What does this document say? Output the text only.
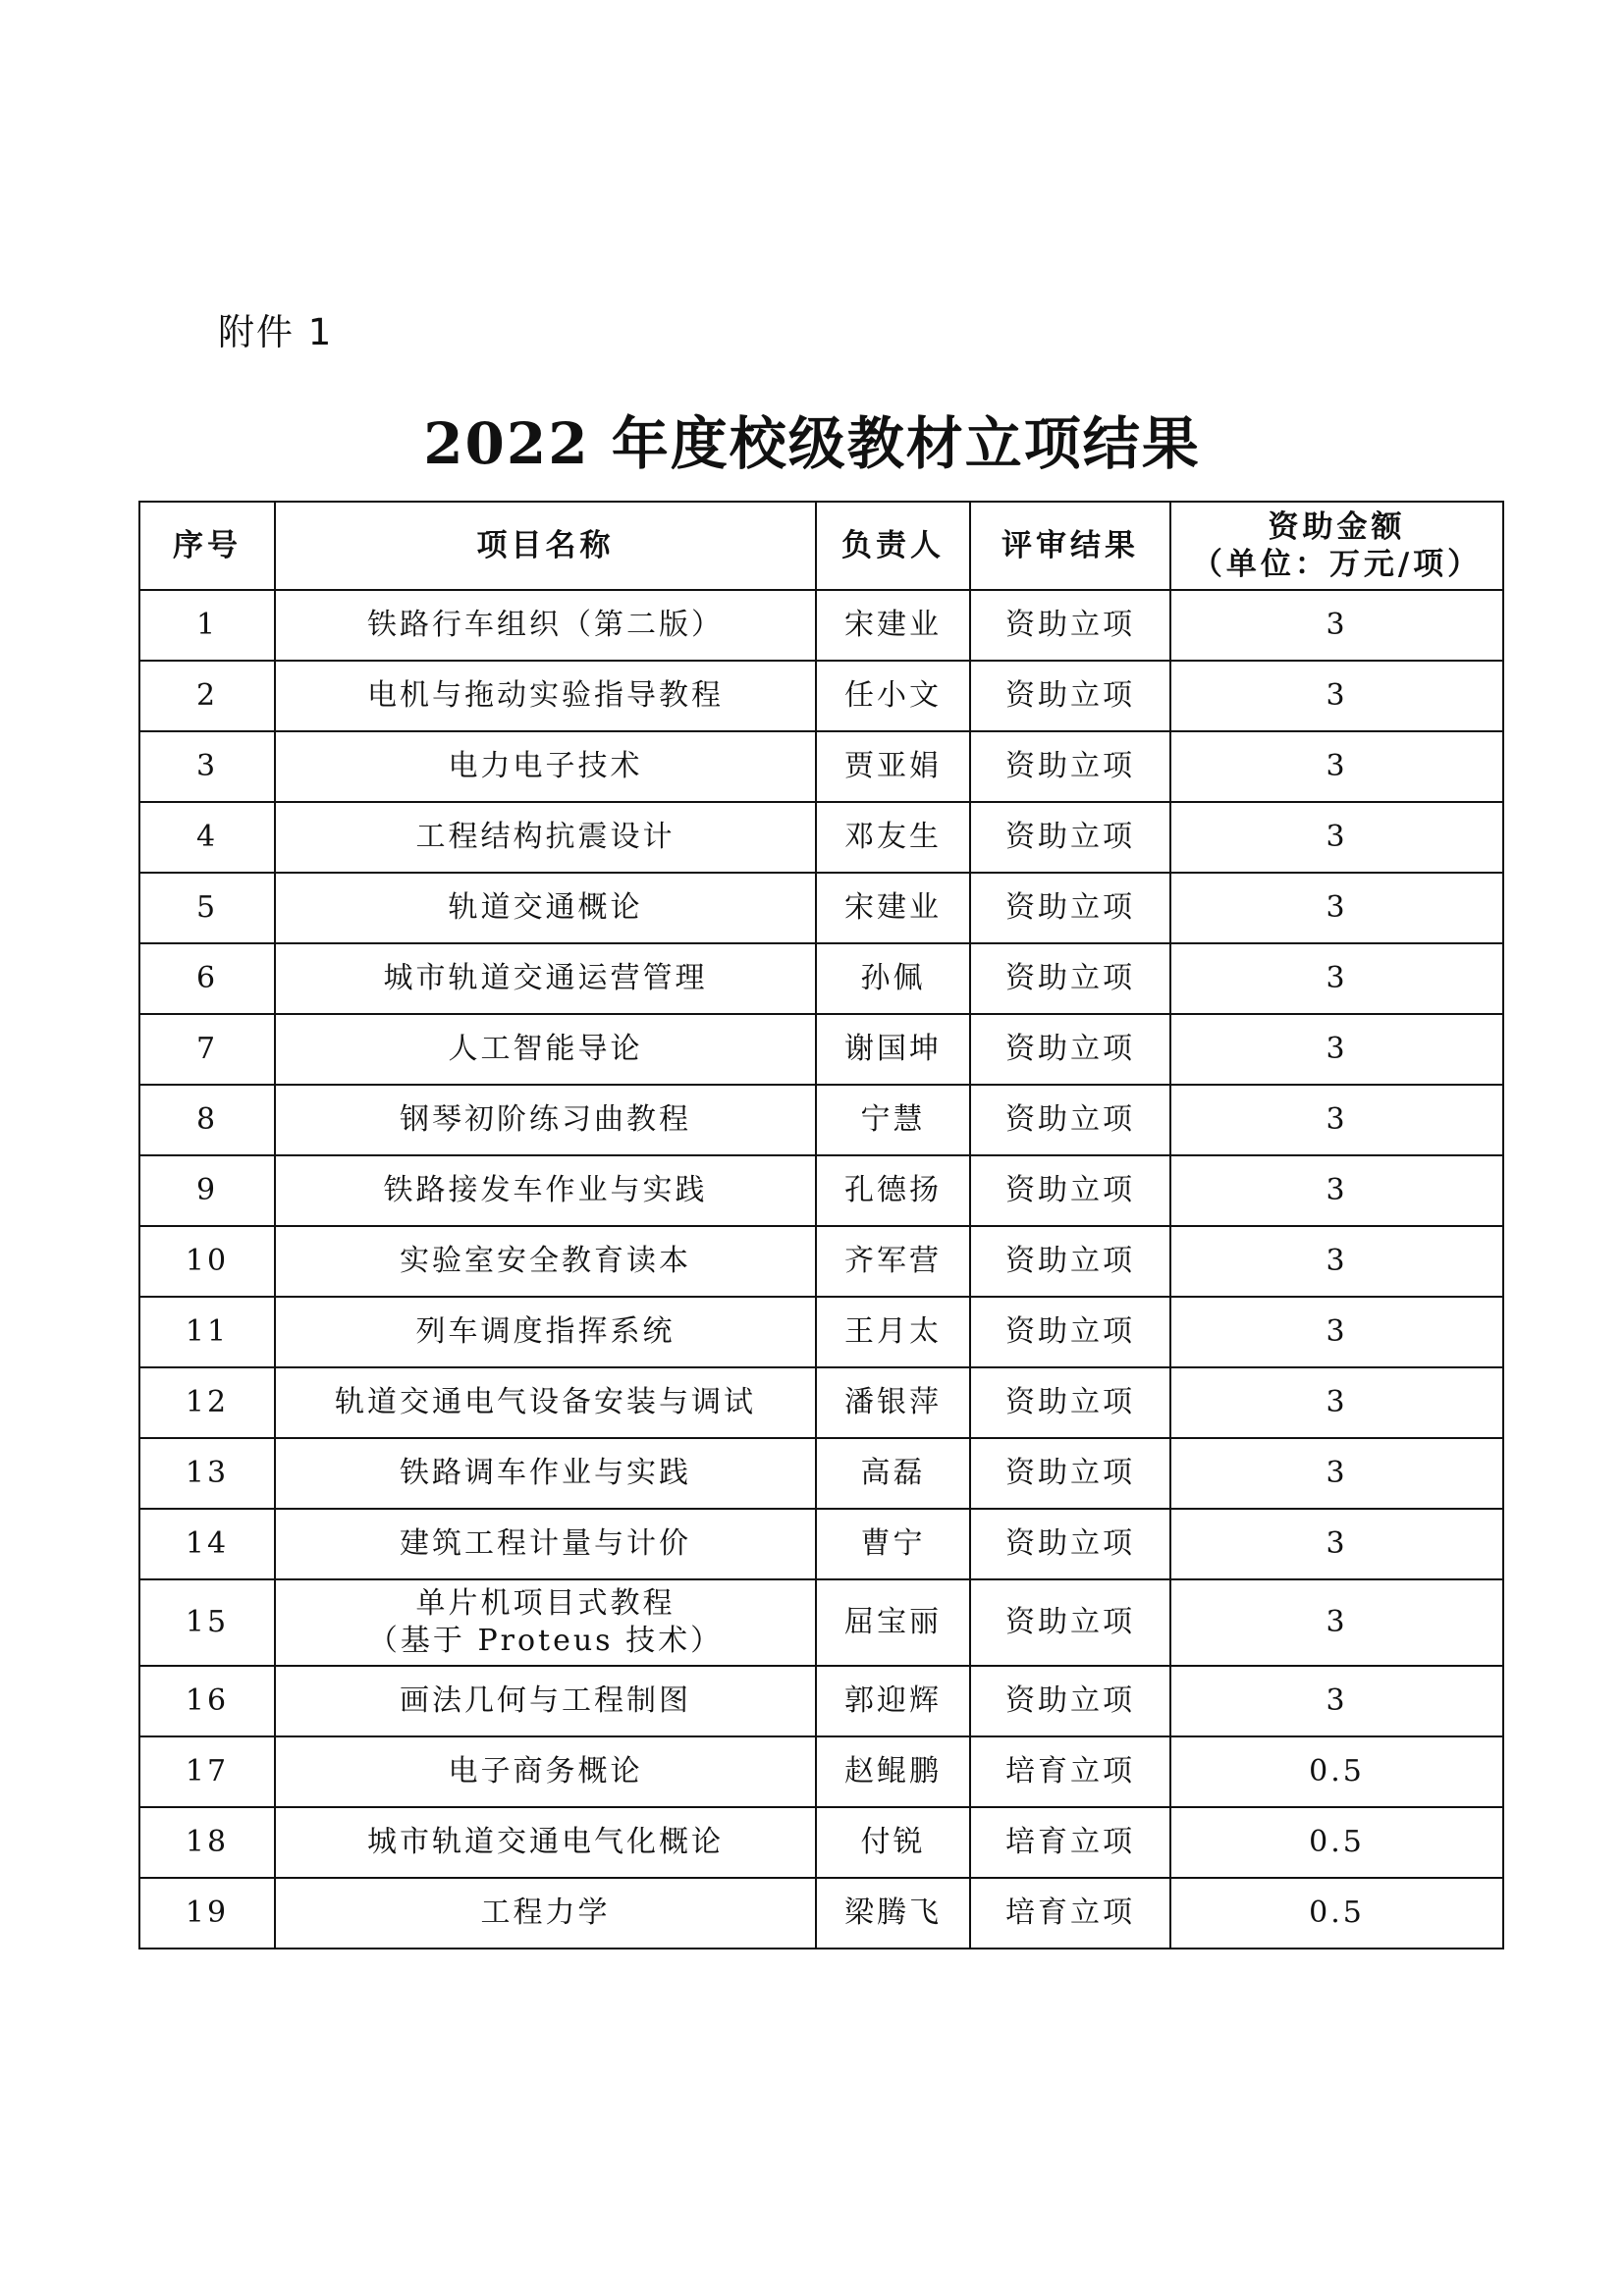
附件 1
2022 年度校级教材立项结果
序号	项目名称	负责人	评审结果	资助金额
（单位：万元/项）

1	铁路行车组织（第二版）	宋建业	资助立项	3
2	电机与拖动实验指导教程	任小文	资助立项	3
3	电力电子技术	贾亚娟	资助立项	3
4	工程结构抗震设计	邓友生	资助立项	3
5	轨道交通概论	宋建业	资助立项	3
6	城市轨道交通运营管理	孙佩	资助立项	3
7	人工智能导论	谢国坤	资助立项	3
8	钢琴初阶练习曲教程	宁慧	资助立项	3
9	铁路接发车作业与实践	孔德扬	资助立项	3
10	实验室安全教育读本	齐军营	资助立项	3
11	列车调度指挥系统	王月太	资助立项	3
12	轨道交通电气设备安装与调试	潘银萍	资助立项	3
13	铁路调车作业与实践	高磊	资助立项	3
14	建筑工程计量与计价	曹宁	资助立项	3
15	单片机项目式教程
（基于 Proteus 技术）	屈宝丽	资助立项	3
16	画法几何与工程制图	郭迎辉	资助立项	3
17	电子商务概论	赵鲲鹏	培育立项	0.5
18	城市轨道交通电气化概论	付锐	培育立项	0.5
19	工程力学	梁腾飞	培育立项	0.5
